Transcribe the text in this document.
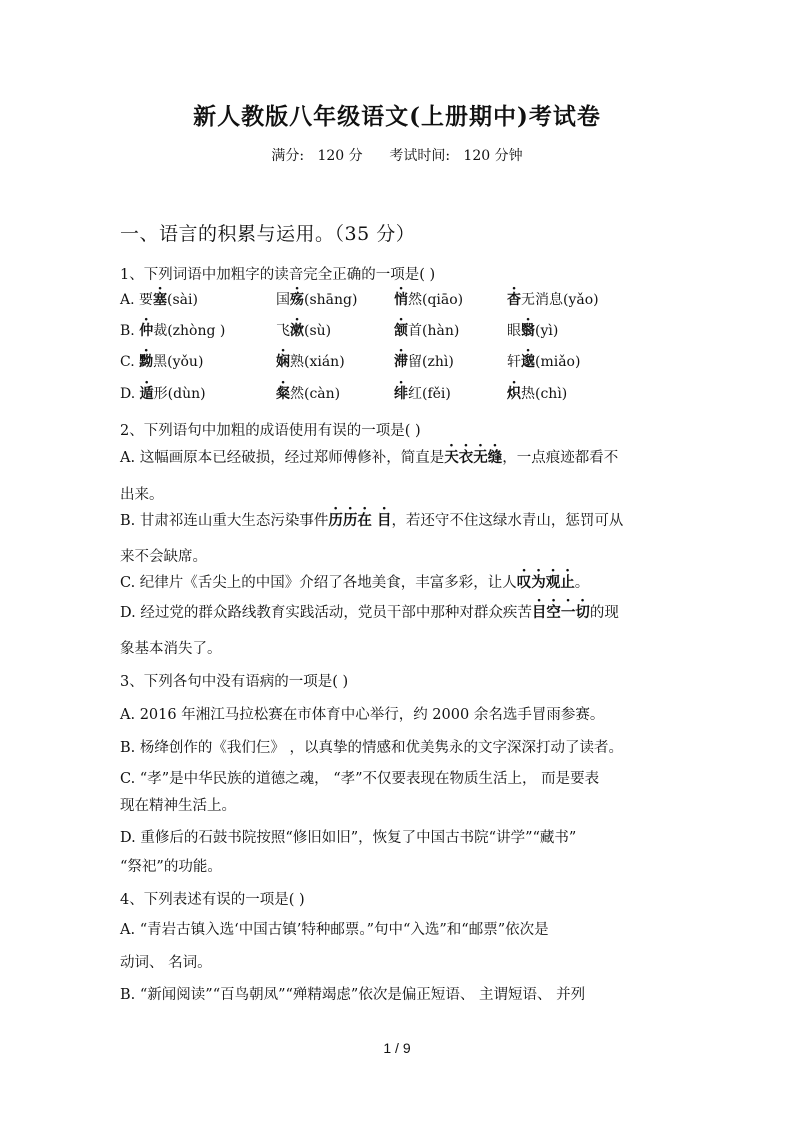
新人教版八年级语文(上册期中)考试卷
满分:   120 分      考试时间:   120 分钟
一、语言的积累与运用。（35 分）
1、下列词语中加粗字的读音完全正确的一项是( )
A. 要塞(sài)	国殇(shāng)	悄然(qiāo)	杳无消息(yǎo)
B. 仲裁(zhòng )	飞漱(sù)	颔首(hàn)	眼翳(yì)
C. 黝黑(yǒu)	娴熟(xián)	滞留(zhì)	轩邈(miǎo)
D. 遁形(dùn)	粲然(càn)	绯红(fěi)	炽热(chì)
2、下列语句中加粗的成语使用有误的一项是( )
A. 这幅画原本已经破损，经过郑师傅修补，简直是天衣无缝，一点痕迹都看不
出来。
B. 甘肃祁连山重大生态污染事件历历在 目，若还守不住这绿水青山，惩罚可从
来不会缺席。
C. 纪律片《舌尖上的中国》介绍了各地美食，丰富多彩，让人叹为观止。
D. 经过党的群众路线教育实践活动，党员干部中那种对群众疾苦目空一切的现
象基本消失了。
3、下列各句中没有语病的一项是( )
A. 2016 年湘江马拉松赛在市体育中心举行，约 2000 余名选手冒雨参赛。
B. 杨绛创作的《我们仨》 ，以真挚的情感和优美隽永的文字深深打动了读者。
C. “孝”是中华民族的道德之魂， “孝”不仅要表现在物质生活上， 而是要表
现在精神生活上。
D. 重修后的石鼓书院按照“修旧如旧”，恢复了中国古书院“讲学”“藏书”
“祭祀”的功能。
4、下列表述有误的一项是( )
A. “青岩古镇入选‘中国古镇’特种邮票。”句中“入选”和“邮票”依次是
动词、 名词。
B. “新闻阅读”“百鸟朝凤”“殚精竭虑”依次是偏正短语、 主谓短语、 并列
1 / 9
